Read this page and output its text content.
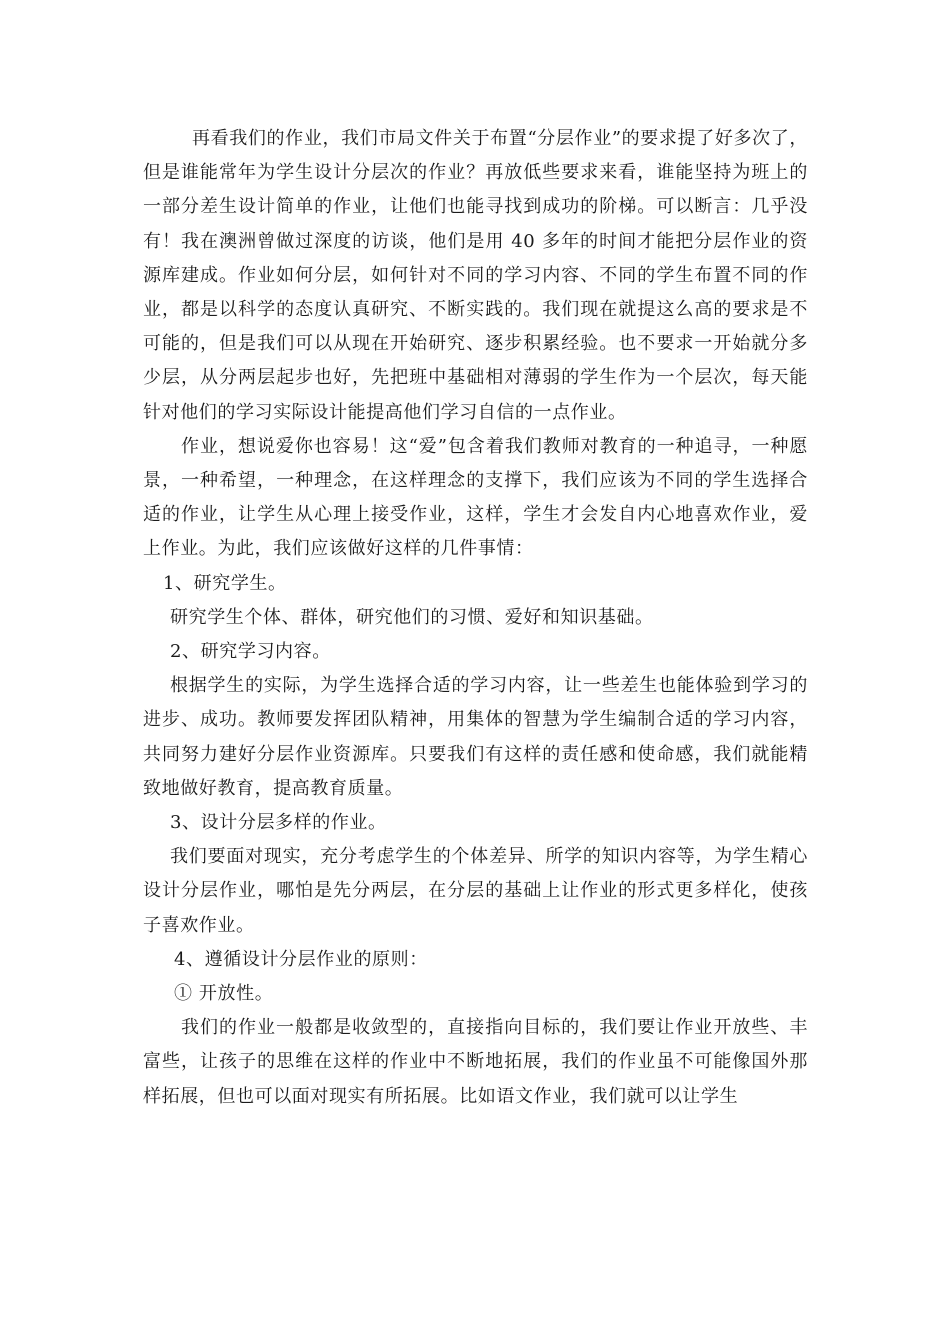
再看我们的作业，我们市局文件关于布置“分层作业”的要求提了好多次了，但是谁能常年为学生设计分层次的作业？再放低些要求来看，谁能坚持为班上的一部分差生设计简单的作业，让他们也能寻找到成功的阶梯。可以断言：几乎没有！我在澳洲曾做过深度的访谈，他们是用 40 多年的时间才能把分层作业的资源库建成。作业如何分层，如何针对不同的学习内容、不同的学生布置不同的作业，都是以科学的态度认真研究、不断实践的。我们现在就提这么高的要求是不可能的，但是我们可以从现在开始研究、逐步积累经验。也不要求一开始就分多少层，从分两层起步也好，先把班中基础相对薄弱的学生作为一个层次，每天能针对他们的学习实际设计能提高他们学习自信的一点作业。

作业，想说爱你也容易！这“爱”包含着我们教师对教育的一种追寻，一种愿景，一种希望，一种理念，在这样理念的支撑下，我们应该为不同的学生选择合适的作业，让学生从心理上接受作业，这样，学生才会发自内心地喜欢作业，爱上作业。为此，我们应该做好这样的几件事情：

1、研究学生。

研究学生个体、群体，研究他们的习惯、爱好和知识基础。

2、研究学习内容。

根据学生的实际，为学生选择合适的学习内容，让一些差生也能体验到学习的进步、成功。教师要发挥团队精神，用集体的智慧为学生编制合适的学习内容，共同努力建好分层作业资源库。只要我们有这样的责任感和使命感，我们就能精致地做好教育，提高教育质量。

3、设计分层多样的作业。

我们要面对现实，充分考虑学生的个体差异、所学的知识内容等，为学生精心设计分层作业，哪怕是先分两层，在分层的基础上让作业的形式更多样化，使孩子喜欢作业。

4、遵循设计分层作业的原则：

① 开放性。

我们的作业一般都是收敛型的，直接指向目标的，我们要让作业开放些、丰富些，让孩子的思维在这样的作业中不断地拓展，我们的作业虽不可能像国外那样拓展，但也可以面对现实有所拓展。比如语文作业，我们就可以让学生
